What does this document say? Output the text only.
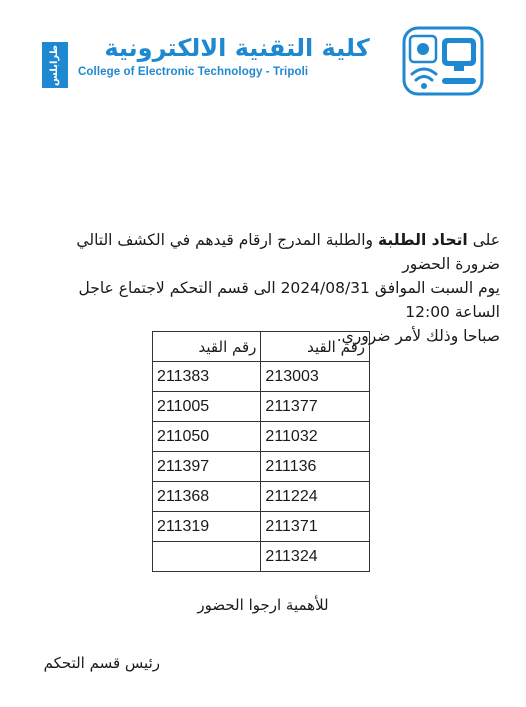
طرابلس	كلية التقنية الالكترونية
College of Electronic Technology - Tripoli
على اتحاد الطلبة والطلبة المدرج ارقام قيدهم في الكشف التالي ضرورة الحضور
يوم السبت الموافق 2024/08/31 الى قسم التحكم لاجتماع عاجل الساعة 12:00
صباحا وذلك لأمر ضروري.
رقم القيد	رقم القيد
213003	211383
211377	211005
211032	211050
211136	211397
211224	211368
211371	211319
211324	
للأهمية ارجوا الحضور
رئيس قسم التحكم
